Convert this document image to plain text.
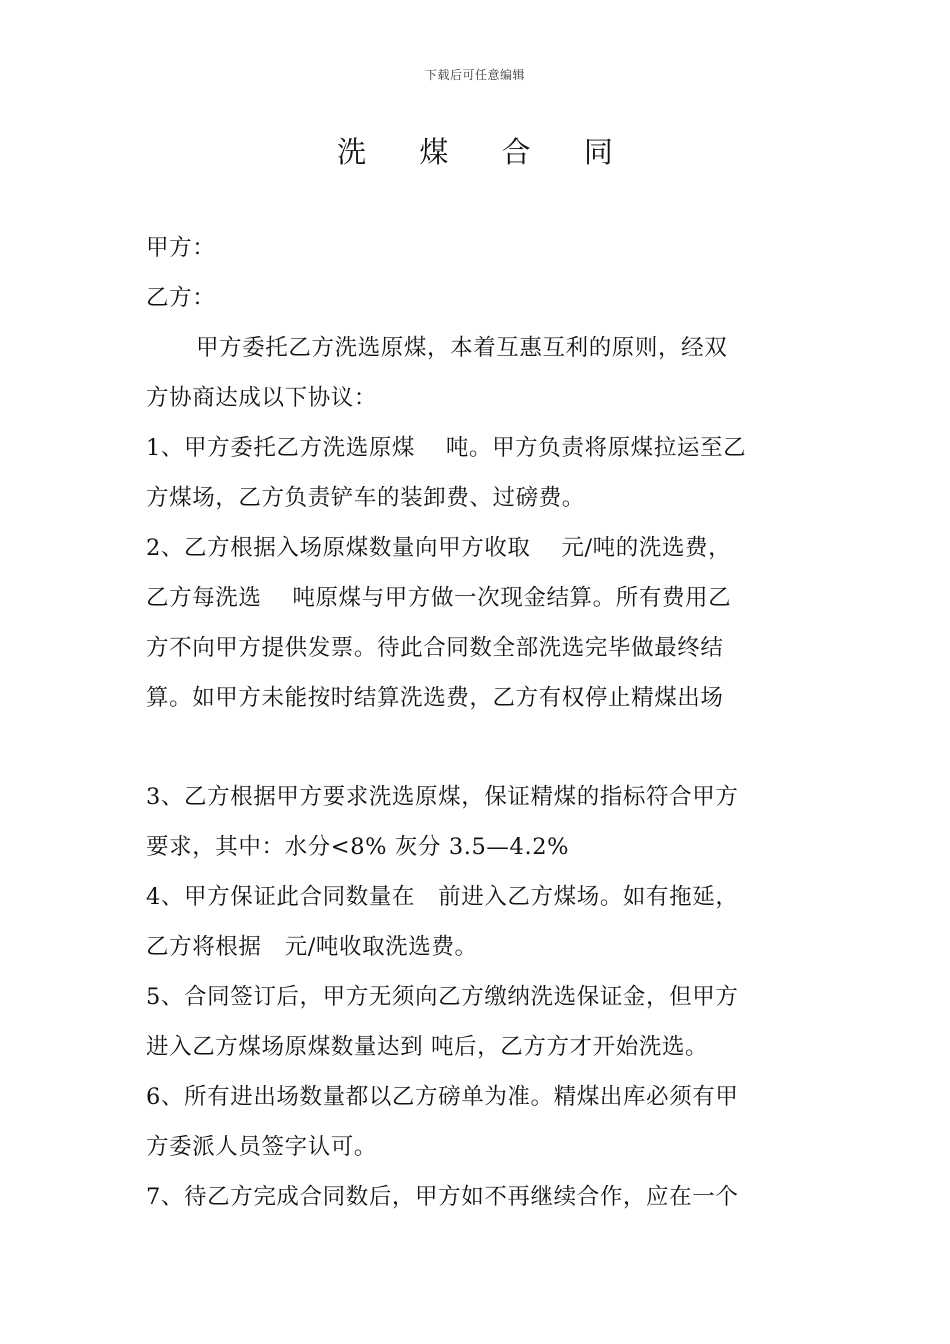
下载后可任意编辑
洗 煤 合 同
甲方：
乙方：
甲方委托乙方洗选原煤，本着互惠互利的原则，经双
方协商达成以下协议：
1、甲方委托乙方洗选原煤　 吨。甲方负责将原煤拉运至乙
方煤场，乙方负责铲车的装卸费、过磅费。
2、乙方根据入场原煤数量向甲方收取　 元/吨的洗选费，
乙方每洗选　 吨原煤与甲方做一次现金结算。所有费用乙
方不向甲方提供发票。待此合同数全部洗选完毕做最终结
算。如甲方未能按时结算洗选费，乙方有权停止精煤出场
3、乙方根据甲方要求洗选原煤，保证精煤的指标符合甲方
要求，其中：水分<8% 灰分 3.5—4.2%
4、甲方保证此合同数量在　前进入乙方煤场。如有拖延，
乙方将根据　元/吨收取洗选费。
5、合同签订后，甲方无须向乙方缴纳洗选保证金，但甲方
进入乙方煤场原煤数量达到 吨后，乙方方才开始洗选。
6、所有进出场数量都以乙方磅单为准。精煤出库必须有甲
方委派人员签字认可。
7、待乙方完成合同数后，甲方如不再继续合作，应在一个
